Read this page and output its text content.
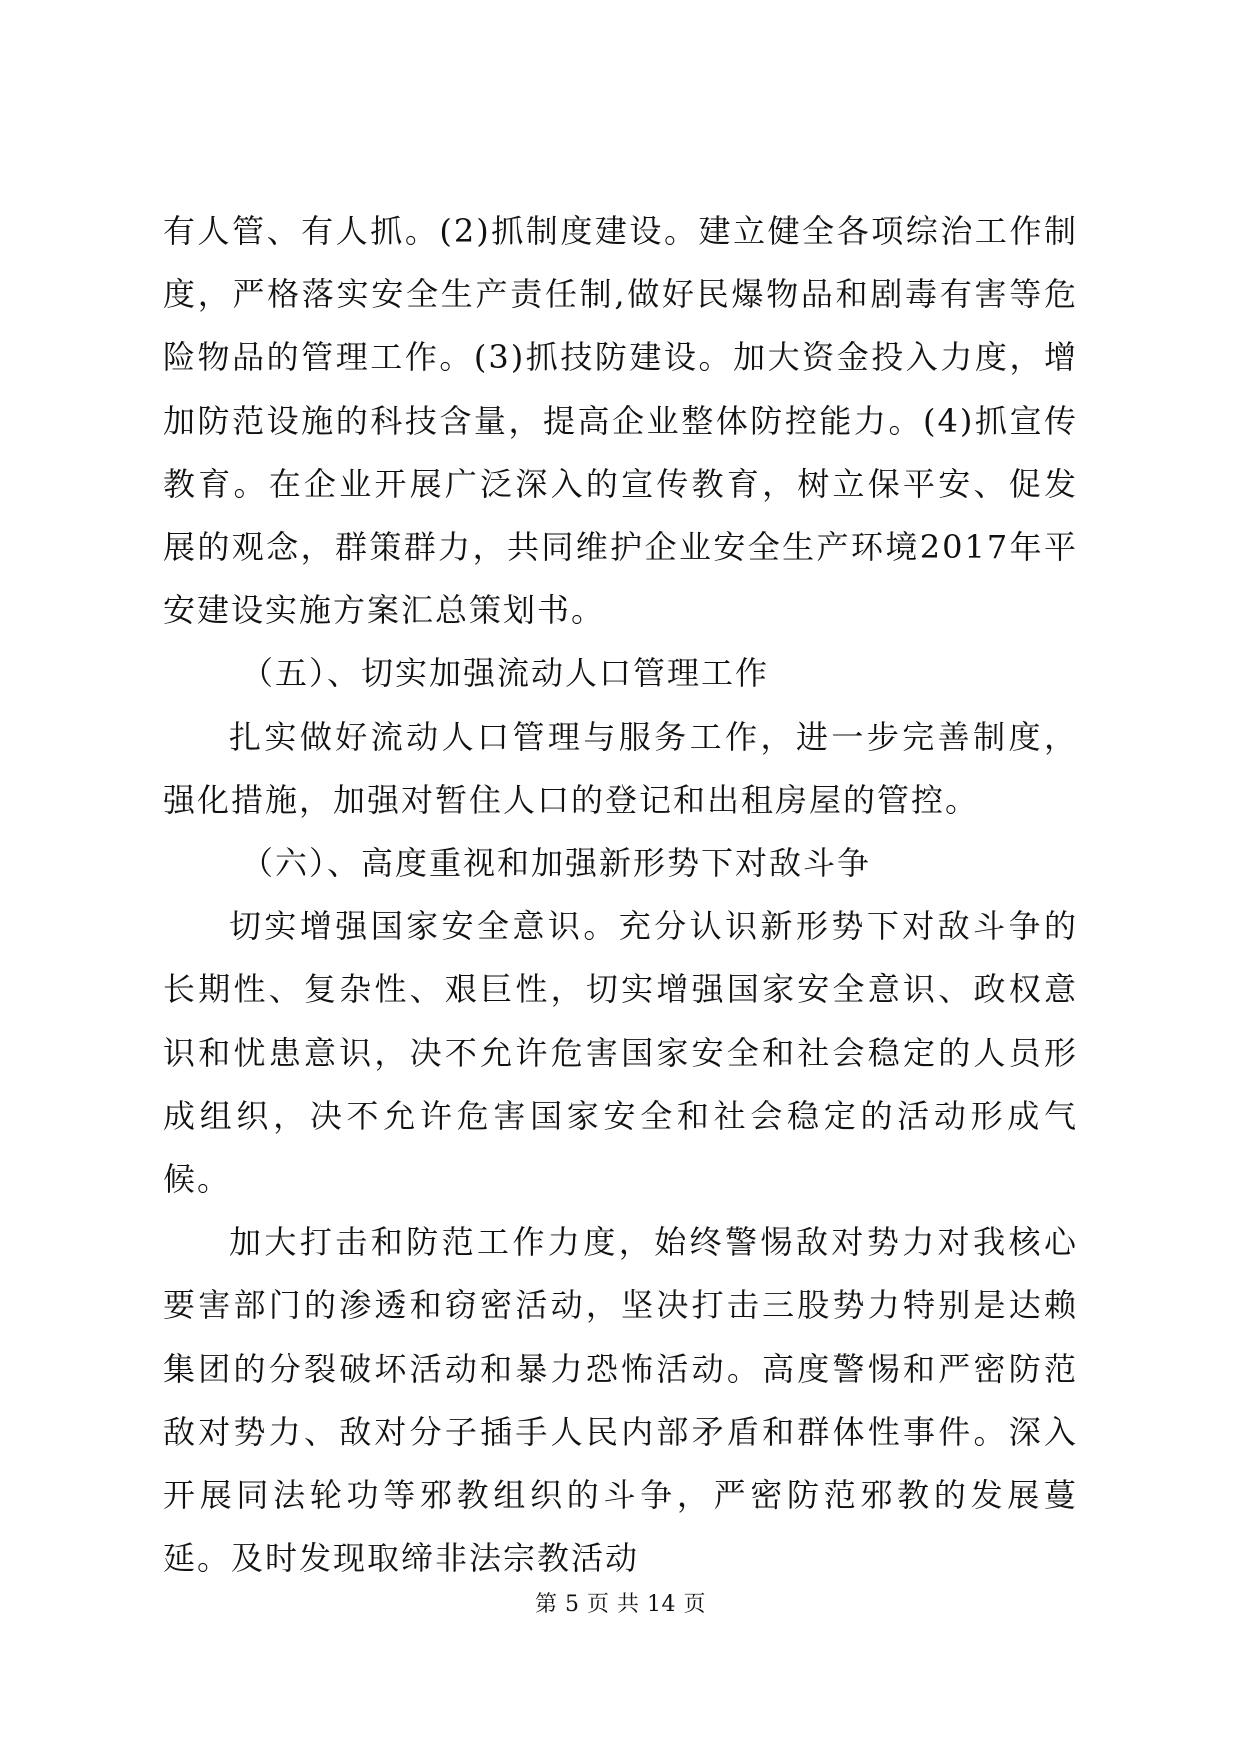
有人管、有人抓。(2)抓制度建设。建立健全各项综治工作制度，严格落实安全生产责任制,做好民爆物品和剧毒有害等危险物品的管理工作。(3)抓技防建设。加大资金投入力度，增加防范设施的科技含量，提高企业整体防控能力。(4)抓宣传教育。在企业开展广泛深入的宣传教育，树立保平安、促发展的观念，群策群力，共同维护企业安全生产环境2017年平安建设实施方案汇总策划书。

（五）、切实加强流动人口管理工作

扎实做好流动人口管理与服务工作，进一步完善制度，强化措施，加强对暂住人口的登记和出租房屋的管控。

（六）、高度重视和加强新形势下对敌斗争

切实增强国家安全意识。充分认识新形势下对敌斗争的长期性、复杂性、艰巨性，切实增强国家安全意识、政权意识和忧患意识，决不允许危害国家安全和社会稳定的人员形成组织，决不允许危害国家安全和社会稳定的活动形成气候。

加大打击和防范工作力度，始终警惕敌对势力对我核心要害部门的渗透和窃密活动，坚决打击三股势力特别是达赖集团的分裂破坏活动和暴力恐怖活动。高度警惕和严密防范敌对势力、敌对分子插手人民内部矛盾和群体性事件。深入开展同法轮功等邪教组织的斗争，严密防范邪教的发展蔓延。及时发现取缔非法宗教活动

第 5 页 共 14 页
